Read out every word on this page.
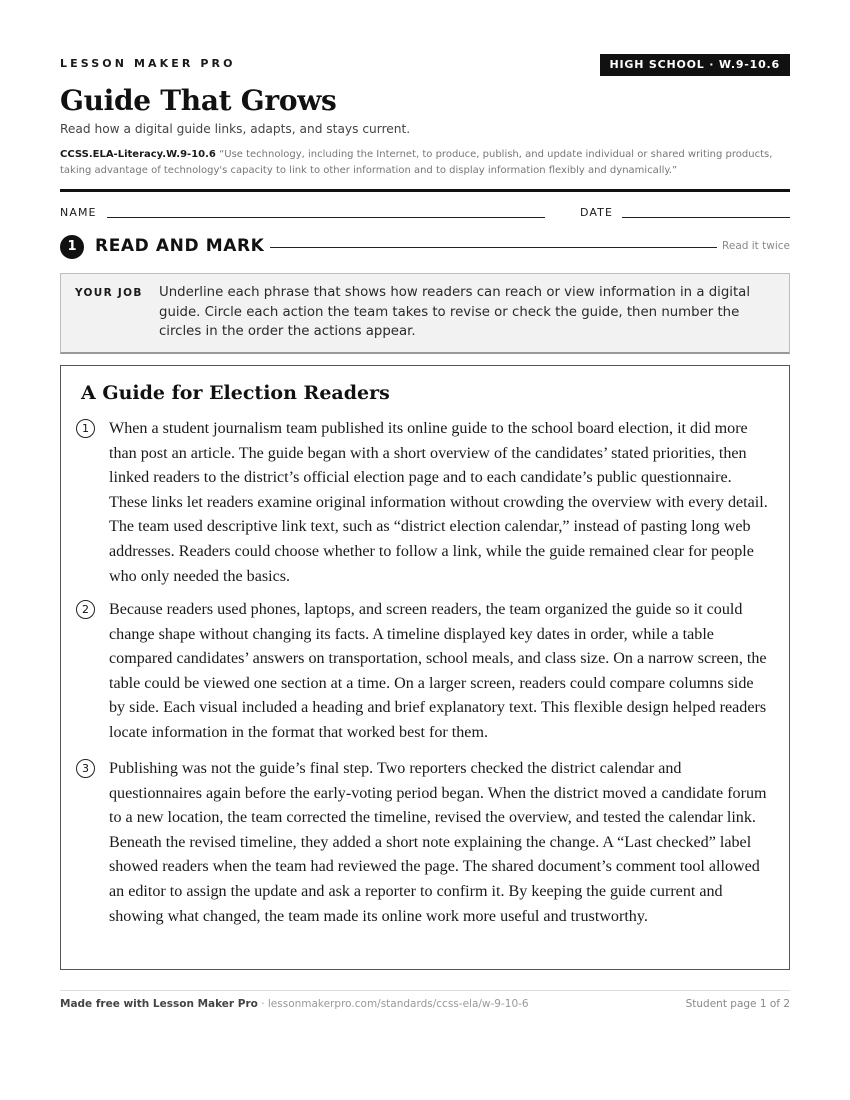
LESSON MAKER PRO	HIGH SCHOOL · W.9-10.6
Guide That Grows
Read how a digital guide links, adapts, and stays current.
CCSS.ELA-Literacy.W.9-10.6 “Use technology, including the Internet, to produce, publish, and update individual or shared writing products, taking advantage of technology's capacity to link to other information and to display information flexibly and dynamically.”
NAME	DATE
1	READ AND MARK	Read it twice
YOUR JOB Underline each phrase that shows how readers can reach or view information in a digital guide. Circle each action the team takes to revise or check the guide, then number the circles in the order the actions appear.

A Guide for Election Readers
1	When a student journalism team published its online guide to the school board election, it did more than post an article. The guide began with a short overview of the candidates’ stated priorities, then linked readers to the district’s official election page and to each candidate’s public questionnaire. These links let readers examine original information without crowding the overview with every detail. The team used descriptive link text, such as “district election calendar,” instead of pasting long web addresses. Readers could choose whether to follow a link, while the guide remained clear for people who only needed the basics.

2	Because readers used phones, laptops, and screen readers, the team organized the guide so it could change shape without changing its facts. A timeline displayed key dates in order, while a table compared candidates’ answers on transportation, school meals, and class size. On a narrow screen, the table could be viewed one section at a time. On a larger screen, readers could compare columns side by side. Each visual included a heading and brief explanatory text. This flexible design helped readers locate information in the format that worked best for them.

3	Publishing was not the guide’s final step. Two reporters checked the district calendar and questionnaires again before the early-voting period began. When the district moved a candidate forum to a new location, the team corrected the timeline, revised the overview, and tested the calendar link. Beneath the revised timeline, they added a short note explaining the change. A “Last checked” label showed readers when the team had reviewed the page. The shared document’s comment tool allowed an editor to assign the update and ask a reporter to confirm it. By keeping the guide current and showing what changed, the team made its online work more useful and trustworthy.

Made free with Lesson Maker Pro · lessonmakerpro.com/standards/ccss-ela/w-9-10-6	Student page 1 of 2
